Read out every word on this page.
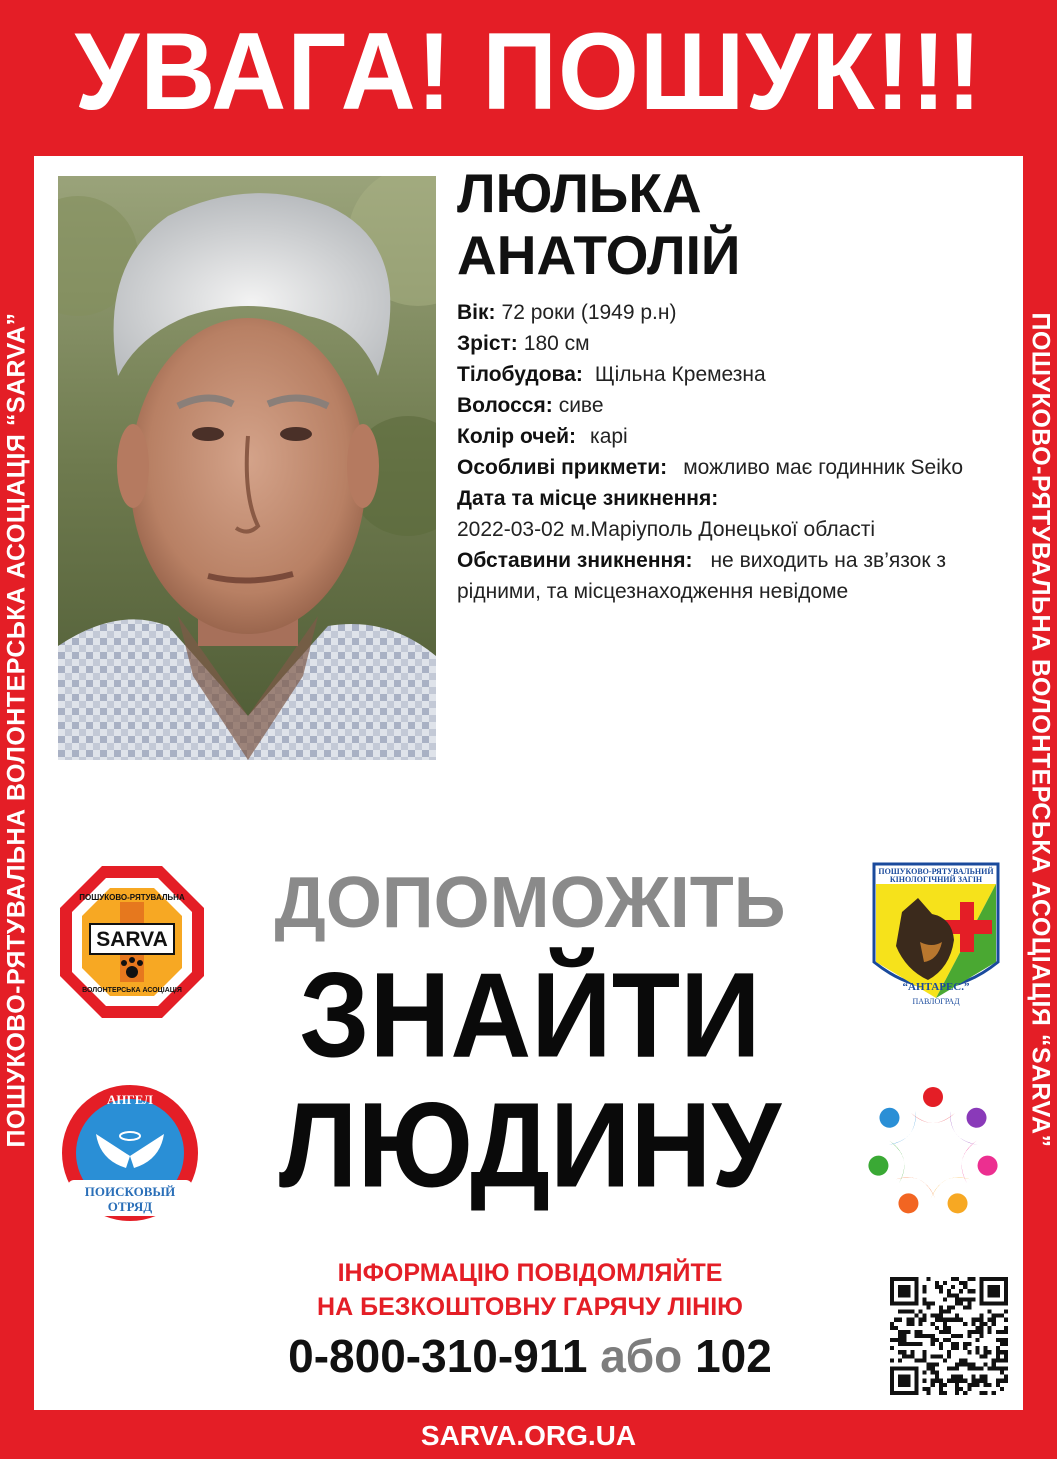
УВАГА! ПОШУК!!!
ПОШУКОВО-РЯТУВАЛЬНА ВОЛОНТЕРСЬКА АСОЦІАЦІЯ “SARVA”	ПОШУКОВО-РЯТУВАЛЬНА ВОЛОНТЕРСЬКА АСОЦІАЦІЯ “SARVA”
ЛЮЛЬКА
АНАТОЛІЙ
Вік: 72 роки (1949 р.н)
Зріст: 180 см
Тілобудова: Щільна Кремезна
Волосся: сиве
Колір очей: карі
Особливі прикмети: можливо має годинник Seiko
Дата та місце зникнення:
2022-03-02 м.Маріуполь Донецької області
Обставини зникнення: не виходить на зв’язок з рідними, та місцезнаходження невідоме
ДОПОМОЖІТЬ
ЗНАЙТИ
ЛЮДИНУ
ІНФОРМАЦІЮ ПОВІДОМЛЯЙТЕ
НА БЕЗКОШТОВНУ ГАРЯЧУ ЛІНІЮ
0-800-310-911 або 102
SARVA.ORG.UA
SARVA
ПОШУКОВО-РЯТУВАЛЬНА
ВОЛОНТЕРСЬКА АСОЦІАЦІЯ
ПОШУКОВО-РЯТУВАЛЬНИЙ
КІНОЛОГІЧНИЙ ЗАГІН
“АНТАРЕС.”
ПАВЛОГРАД
АНГЕЛ
ПОИСКОВЫЙ
ОТРЯД
